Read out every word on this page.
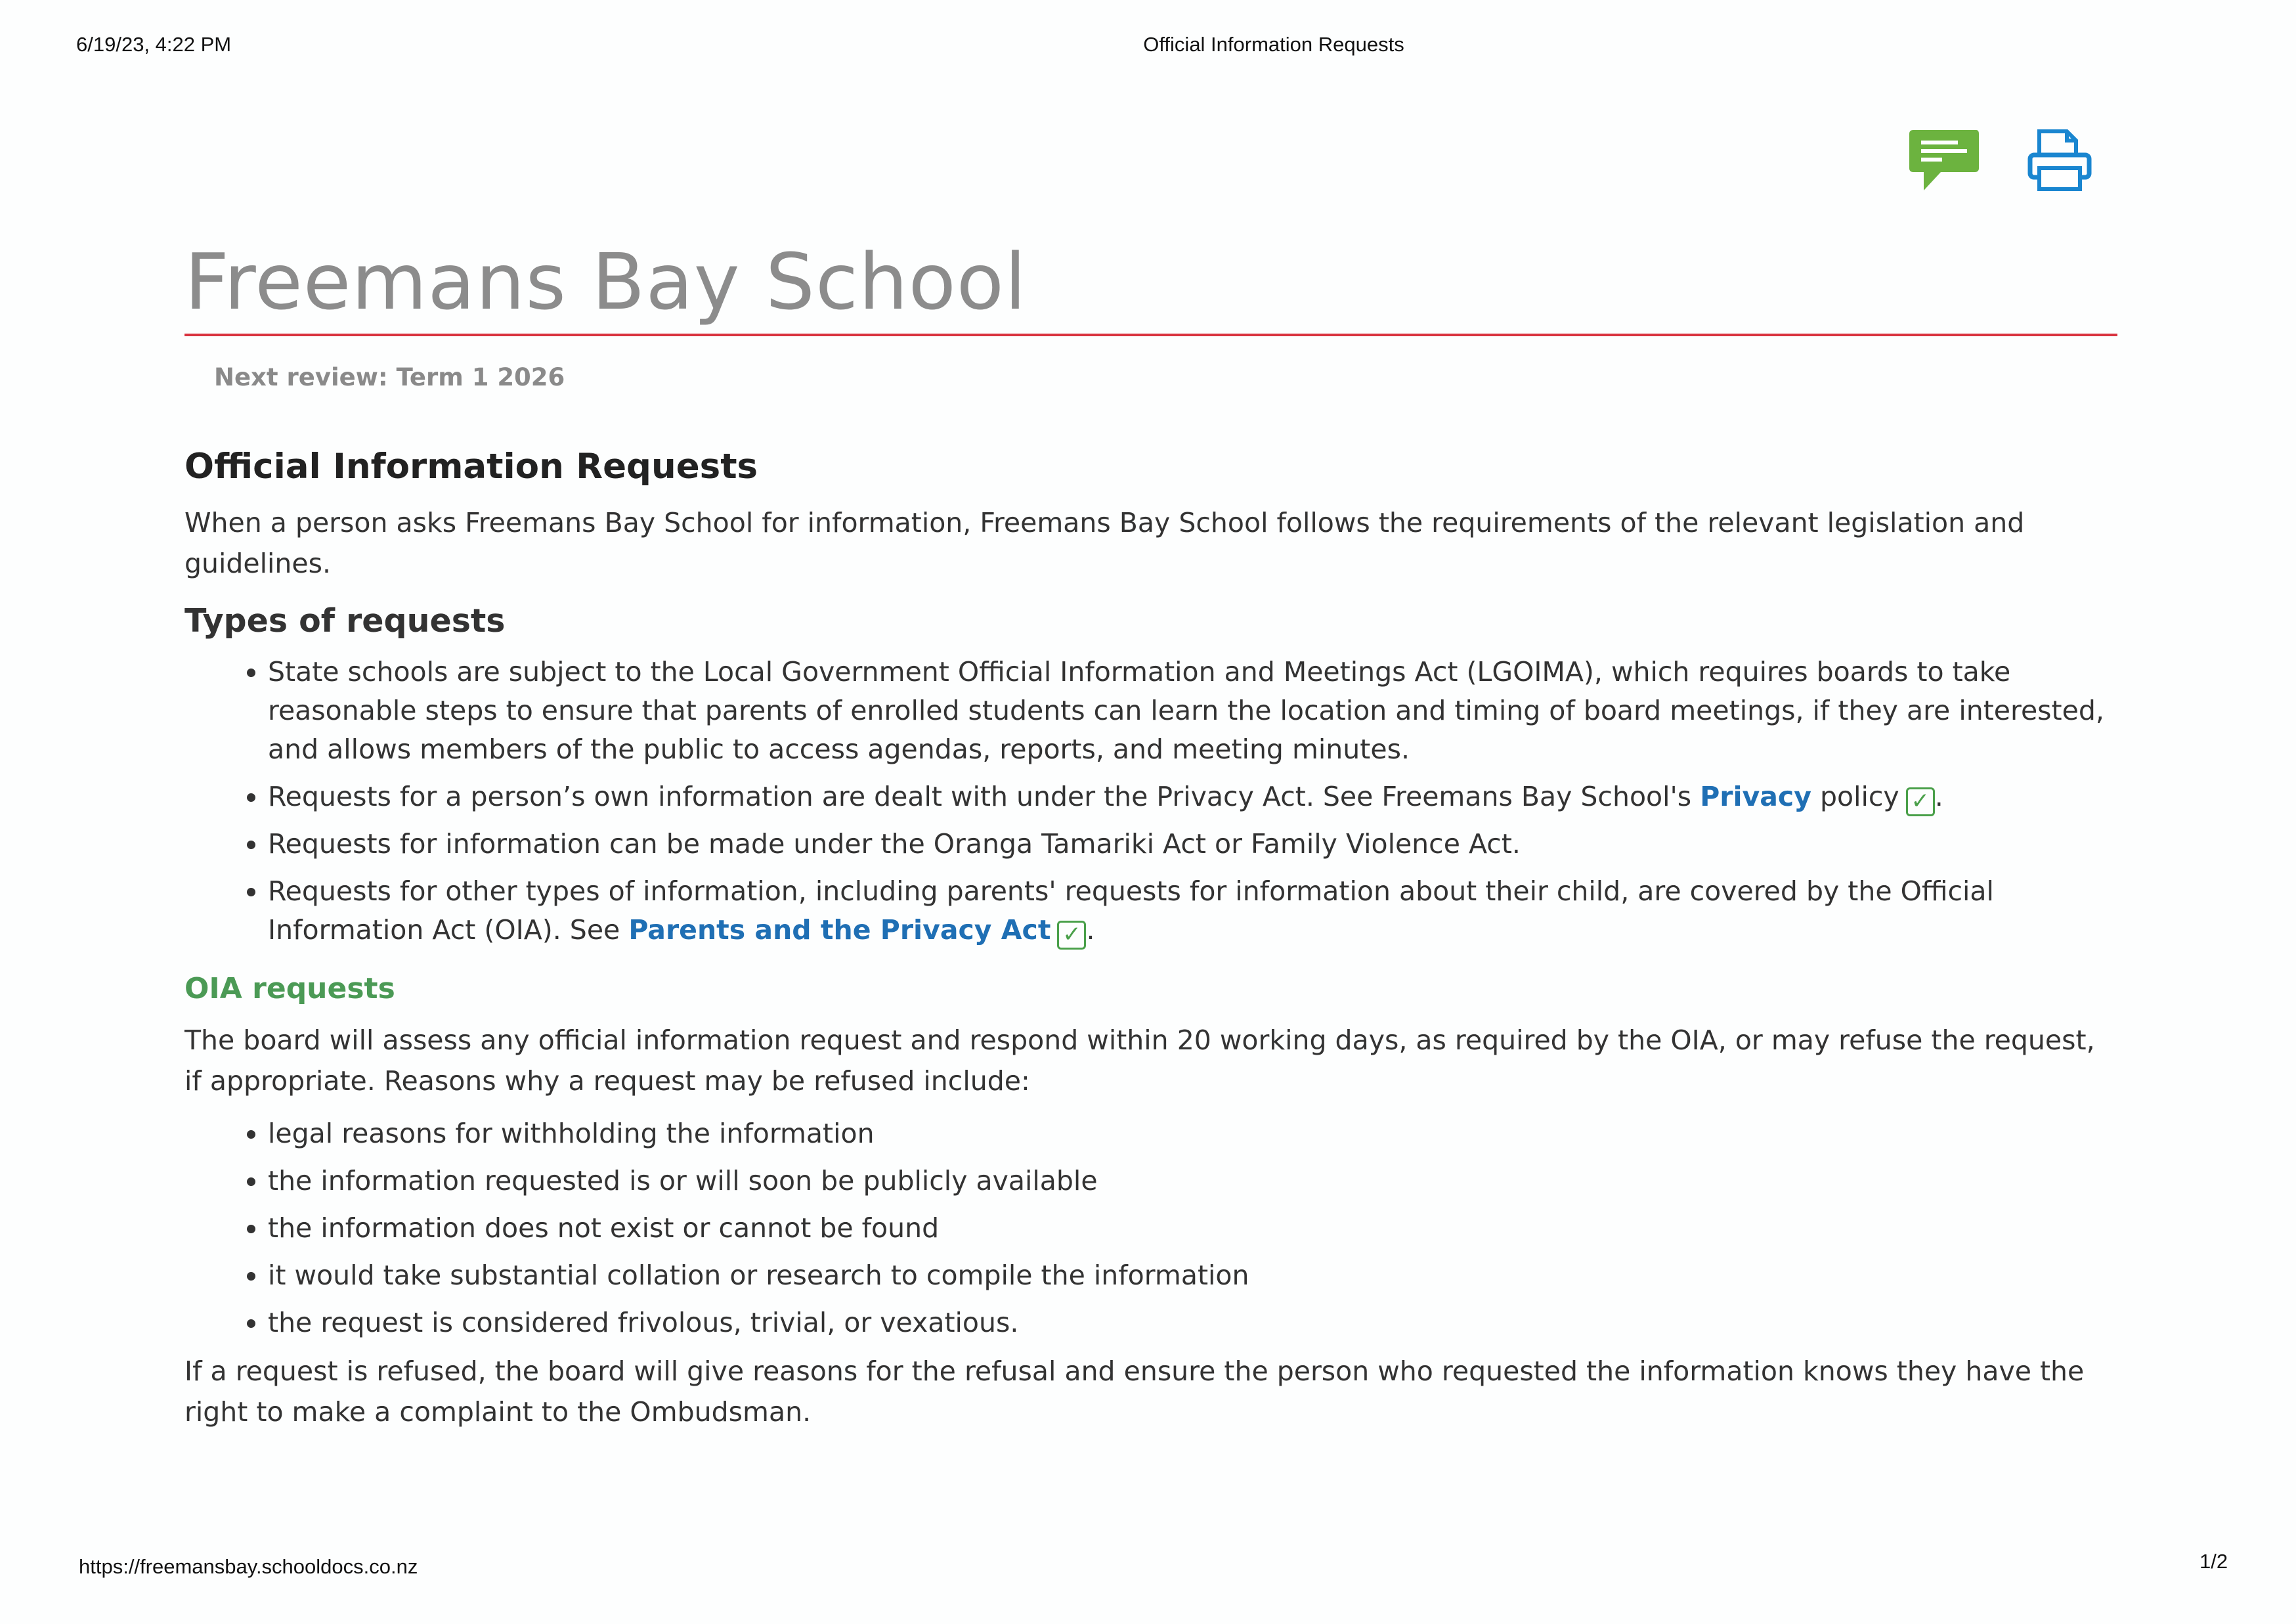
6/19/23, 4:22 PM	Official Information Requests
Freemans Bay School
Next review: Term 1 2026
Official Information Requests

When a person asks Freemans Bay School for information, Freemans Bay School follows the requirements of the relevant legislation and guidelines.

Types of requests
• State schools are subject to the Local Government Official Information and Meetings Act (LGOIMA), which requires boards to take reasonable steps to ensure that parents of enrolled students can learn the location and timing of board meetings, if they are interested, and allows members of the public to access agendas, reports, and meeting minutes.
• Requests for a person’s own information are dealt with under the Privacy Act. See Freemans Bay School's Privacy policy ✓ .
• Requests for information can be made under the Oranga Tamariki Act or Family Violence Act.
• Requests for other types of information, including parents' requests for information about their child, are covered by the Official Information Act (OIA). See Parents and the Privacy Act ✓ .
OIA requests

The board will assess any official information request and respond within 20 working days, as required by the OIA, or may refuse the request, if appropriate. Reasons why a request may be refused include:

• legal reasons for withholding the information
• the information requested is or will soon be publicly available
• the information does not exist or cannot be found
• it would take substantial collation or research to compile the information
• the request is considered frivolous, trivial, or vexatious.

If a request is refused, the board will give reasons for the refusal and ensure the person who requested the information knows they have the right to make a complaint to the Ombudsman.

https://freemansbay.schooldocs.co.nz	1/2
